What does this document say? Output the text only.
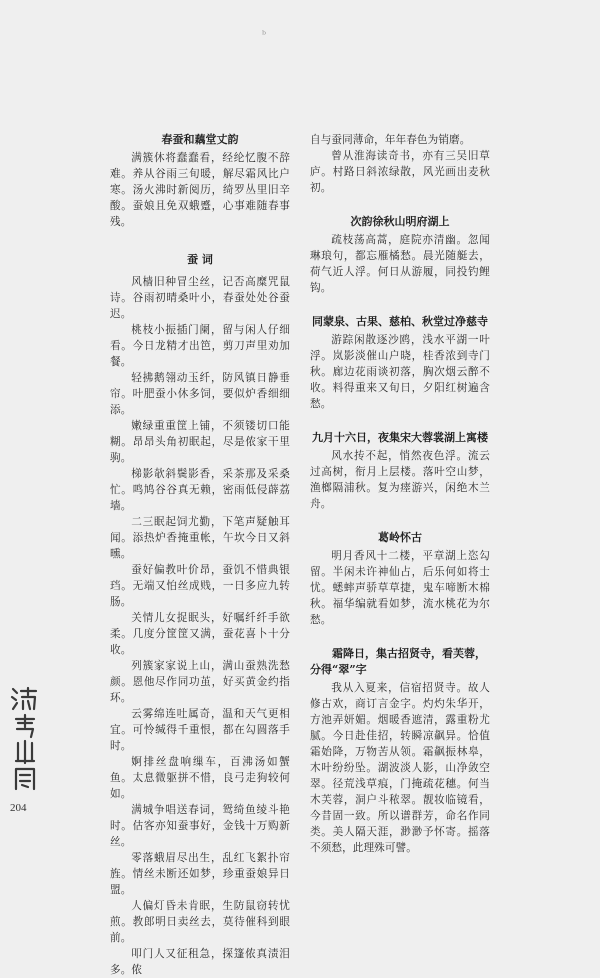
ᵇ
春蚕和藕堂丈韵

满簇休将蠢蠢看，经纶忆腹不辞难。养从谷雨三旬暖，解尽霜风比户寒。汤火沸时新阅历，绮罗丛里旧辛酸。蚕娘且免双蛾蹙，心事难随春事残。

蚕 词

风樯旧种冒尘丝，记否高糜咒鼠诗。谷雨初晴桑叶小，春蚕处处谷蚕迟。

桃枝小振插门阑，留与闲人仔细看。今日龙精才出笆，剪刀声里劝加餐。

轻拂鹅翎动玉纤，防风镇日静垂帘。叶肥蚕小休多饲，要似炉香细细添。

嫩绿重重筐上铺，不须镂切口能糊。昂昂头角初眠起，尽是侬家干里驹。

梯影欹斜鬓影香，采茶那及采桑忙。鸣鸠谷谷真无赖，密雨低侵薜荔墙。

二三眠起饲尤勤，下笔声疑触耳闻。添热炉香掩重帐，午坎今日又斜曛。

蚕好偏教叶价昂，蚕饥不惜典银珰。无端又怕丝成贱，一日多应九转肠。

关情儿女捉眠头，好嘱纤纤手欲柔。几度分筐筐又满，蚕花喜卜十分收。

列簇家家说上山，满山蚕熟洗愁颜。恩他尽作同功茧，好买黄金约指环。

云雾绵连吐属奇，温和天气更相宜。可怜缄得千重恨，都在勾圆落手时。

婀排丝盘响缫车，百沸汤如蟹鱼。太息微躯拼不惜，良弓走狗较何如。

满城争唱送春词，鸳绮鱼绫斗艳时。估客亦知蚕事好，金钱十万购新丝。

零落蛾眉尽出生，乱红飞絮扑帘旌。情丝未断还如梦，珍重蚕娘异日盟。

人偏灯昏未肯眠，生防鼠窃转忧煎。教郎明日卖丝去，莫待催科到眼前。

叩门人又征租急，探篷侬真渍泪多。侬

自与蚕同薄命，年年春色为销磨。

曾从淮海读奇书，亦有三吴旧草庐。村路日斜浓绿散，风光画出麦秋初。

次韵徐秋山明府湖上

疏枝荡高蒿，庭院亦清幽。忽闻琳琅句，都忘雁橘愁。晨光随艇去，荷气近人浮。何日从游履，同投钓鲤钩。

同蒙泉、古果、慈柏、秋堂过净慈寺

游踪闲散逐沙鸥，浅水平湖一叶浮。岚影淡催山户晓，桂香浓到寺门秋。廊边花雨谈初落，胸次烟云醉不收。料得重来又旬日，夕阳红树遍含愁。

九月十六日，夜集宋大蓉裳湖上寓楼

风水抟不起，悄然夜色浮。流云过高树，衔月上层楼。落叶空山梦，渔榔隔浦秋。复为瘗游兴，闲绝木兰舟。

葛岭怀古

明月香风十二楼，平章湖上恣勾留。半闲未许神仙占，后乐何如将士忧。蟋蟀声骄草草捷，鬼车啼断木棉秋。福华编就看如梦，流水桃花为尔愁。

霜降日，集古招贤寺，看芙蓉，分得“翠”字

我从入夏来，信宿招贤寺。故人修古欢，商订言金字。灼灼朱华开，方池弄妍媚。烟暖香遮清，露重粉尤腻。今日赴佳招，转瞬凉飙异。恰值霜始降，万物苦从领。霜飙振林皋，木叶纷纷坠。湖波淡人影，山净敛空翠。径荒浅草痕，门掩疏花穗。何当木芙蓉，洞户斗秾翠。靓妆临镜看，今昔固一致。所以谱群芳，命名作同类。美人隔天涯，渺渺予怀寄。摇落不须愁，此理殊可譬。

204
